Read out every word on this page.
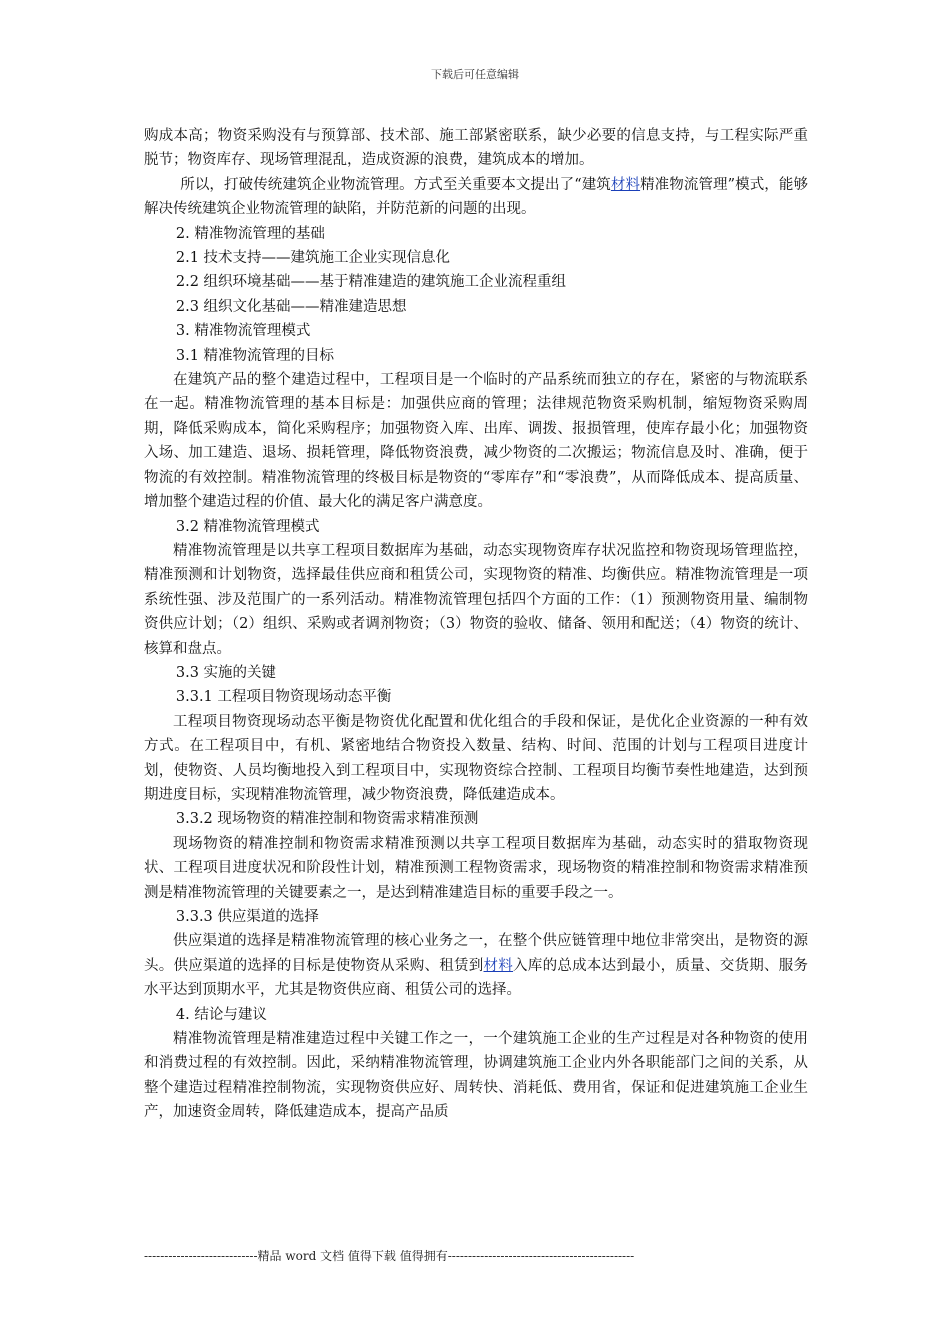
下载后可任意编辑

购成本高；物资采购没有与预算部、技术部、施工部紧密联系，缺少必要的信息支持，与工程实际严重脱节；物资库存、现场管理混乱，造成资源的浪费，建筑成本的增加。

所以，打破传统建筑企业物流管理。方式至关重要本文提出了“建筑材料精准物流管理”模式，能够解决传统建筑企业物流管理的缺陷，并防范新的问题的出现。

2. 精准物流管理的基础

2.1 技术支持——建筑施工企业实现信息化

2.2 组织环境基础——基于精准建造的建筑施工企业流程重组

2.3 组织文化基础——精准建造思想

3. 精准物流管理模式

3.1 精准物流管理的目标

在建筑产品的整个建造过程中，工程项目是一个临时的产品系统而独立的存在，紧密的与物流联系在一起。精准物流管理的基本目标是：加强供应商的管理；法律规范物资采购机制，缩短物资采购周期，降低采购成本，简化采购程序；加强物资入库、出库、调拨、报损管理，使库存最小化；加强物资入场、加工建造、退场、损耗管理，降低物资浪费，减少物资的二次搬运；物流信息及时、准确，便于物流的有效控制。精准物流管理的终极目标是物资的“零库存”和“零浪费”，从而降低成本、提高质量、增加整个建造过程的价值、最大化的满足客户满意度。

3.2 精准物流管理模式

精准物流管理是以共享工程项目数据库为基础，动态实现物资库存状况监控和物资现场管理监控，精准预测和计划物资，选择最佳供应商和租赁公司，实现物资的精准、均衡供应。精准物流管理是一项系统性强、涉及范围广的一系列活动。精准物流管理包括四个方面的工作：（1）预测物资用量、编制物资供应计划；（2）组织、采购或者调剂物资；（3）物资的验收、储备、领用和配送；（4）物资的统计、核算和盘点。

3.3 实施的关键

3.3.1 工程项目物资现场动态平衡

工程项目物资现场动态平衡是物资优化配置和优化组合的手段和保证，是优化企业资源的一种有效方式。在工程项目中，有机、紧密地结合物资投入数量、结构、时间、范围的计划与工程项目进度计划，使物资、人员均衡地投入到工程项目中，实现物资综合控制、工程项目均衡节奏性地建造，达到预期进度目标，实现精准物流管理，减少物资浪费，降低建造成本。

3.3.2 现场物资的精准控制和物资需求精准预测

现场物资的精准控制和物资需求精准预测以共享工程项目数据库为基础，动态实时的猎取物资现状、工程项目进度状况和阶段性计划，精准预测工程物资需求，现场物资的精准控制和物资需求精准预测是精准物流管理的关键要素之一，是达到精准建造目标的重要手段之一。

3.3.3 供应渠道的选择

供应渠道的选择是精准物流管理的核心业务之一，在整个供应链管理中地位非常突出，是物资的源头。供应渠道的选择的目标是使物资从采购、租赁到材料入库的总成本达到最小，质量、交货期、服务水平达到顶期水平，尤其是物资供应商、租赁公司的选择。

4. 结论与建议

精准物流管理是精准建造过程中关键工作之一，一个建筑施工企业的生产过程是对各种物资的使用和消费过程的有效控制。因此，采纳精准物流管理，协调建筑施工企业内外各职能部门之间的关系，从整个建造过程精准控制物流，实现物资供应好、周转快、消耗低、费用省，保证和促进建筑施工企业生产，加速资金周转，降低建造成本，提高产品质

----------------------------精品 word 文档 值得下载 值得拥有----------------------------------------------
